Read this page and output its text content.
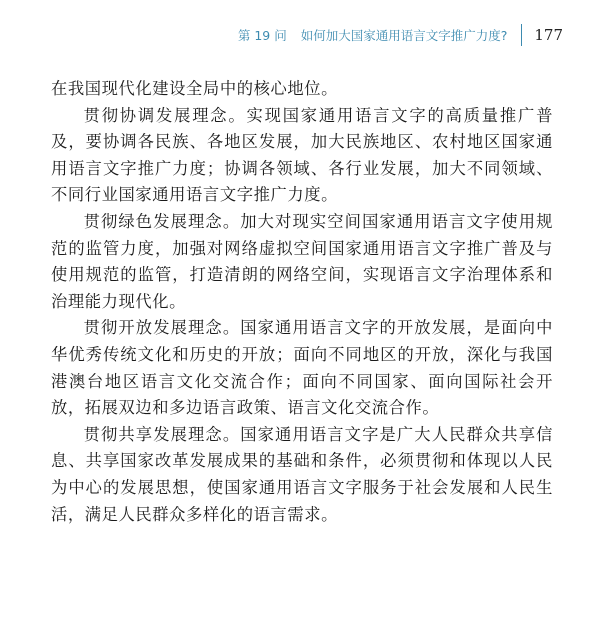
第 19 问 如何加大国家通用语言文字推广力度? 177

在我国现代化建设全局中的核心地位。

贯彻协调发展理念。实现国家通用语言文字的高质量推广普及，要协调各民族、各地区发展，加大民族地区、农村地区国家通用语言文字推广力度；协调各领域、各行业发展，加大不同领域、不同行业国家通用语言文字推广力度。

贯彻绿色发展理念。加大对现实空间国家通用语言文字使用规范的监管力度，加强对网络虚拟空间国家通用语言文字推广普及与使用规范的监管，打造清朗的网络空间，实现语言文字治理体系和治理能力现代化。

贯彻开放发展理念。国家通用语言文字的开放发展，是面向中华优秀传统文化和历史的开放；面向不同地区的开放，深化与我国港澳台地区语言文化交流合作；面向不同国家、面向国际社会开放，拓展双边和多边语言政策、语言文化交流合作。

贯彻共享发展理念。国家通用语言文字是广大人民群众共享信息、共享国家改革发展成果的基础和条件，必须贯彻和体现以人民为中心的发展思想，使国家通用语言文字服务于社会发展和人民生活，满足人民群众多样化的语言需求。
